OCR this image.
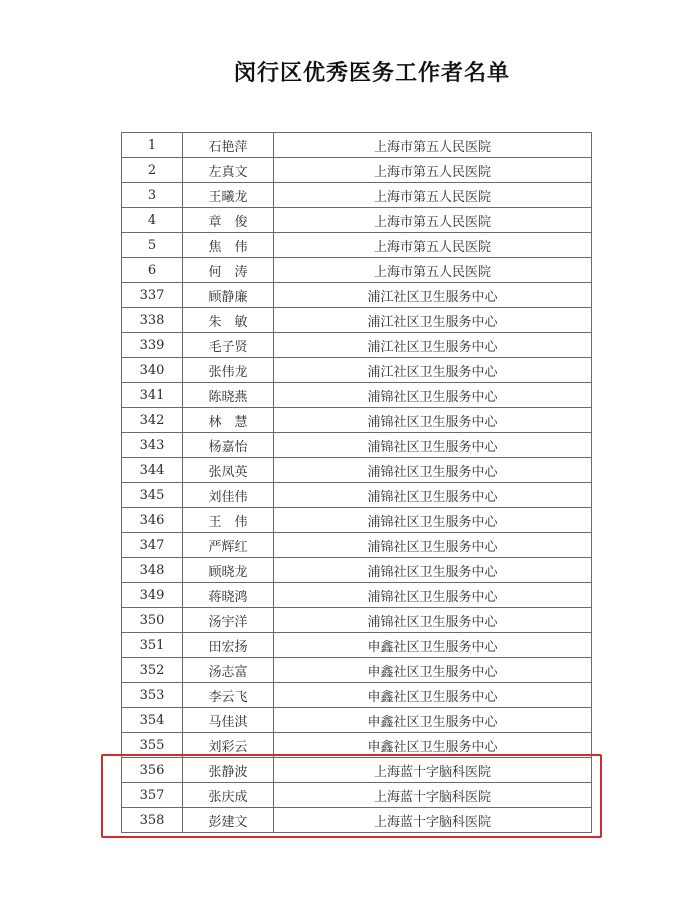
闵行区优秀医务工作者名单
1	石艳萍	上海市第五人民医院
2	左真文	上海市第五人民医院
3	王曦龙	上海市第五人民医院
4	章　俊	上海市第五人民医院
5	焦　伟	上海市第五人民医院
6	何　涛	上海市第五人民医院
337	顾静廉	浦江社区卫生服务中心
338	朱　敏	浦江社区卫生服务中心
339	毛子贤	浦江社区卫生服务中心
340	张伟龙	浦江社区卫生服务中心
341	陈晓燕	浦锦社区卫生服务中心
342	林　慧	浦锦社区卫生服务中心
343	杨嘉怡	浦锦社区卫生服务中心
344	张凤英	浦锦社区卫生服务中心
345	刘佳伟	浦锦社区卫生服务中心
346	王　伟	浦锦社区卫生服务中心
347	严辉红	浦锦社区卫生服务中心
348	顾晓龙	浦锦社区卫生服务中心
349	蒋晓鸿	浦锦社区卫生服务中心
350	汤宇洋	浦锦社区卫生服务中心
351	田宏扬	申鑫社区卫生服务中心
352	汤志富	申鑫社区卫生服务中心
353	李云飞	申鑫社区卫生服务中心
354	马佳淇	申鑫社区卫生服务中心
355	刘彩云	申鑫社区卫生服务中心
356	张静波	上海蓝十字脑科医院
357	张庆成	上海蓝十字脑科医院
358	彭建文	上海蓝十字脑科医院
